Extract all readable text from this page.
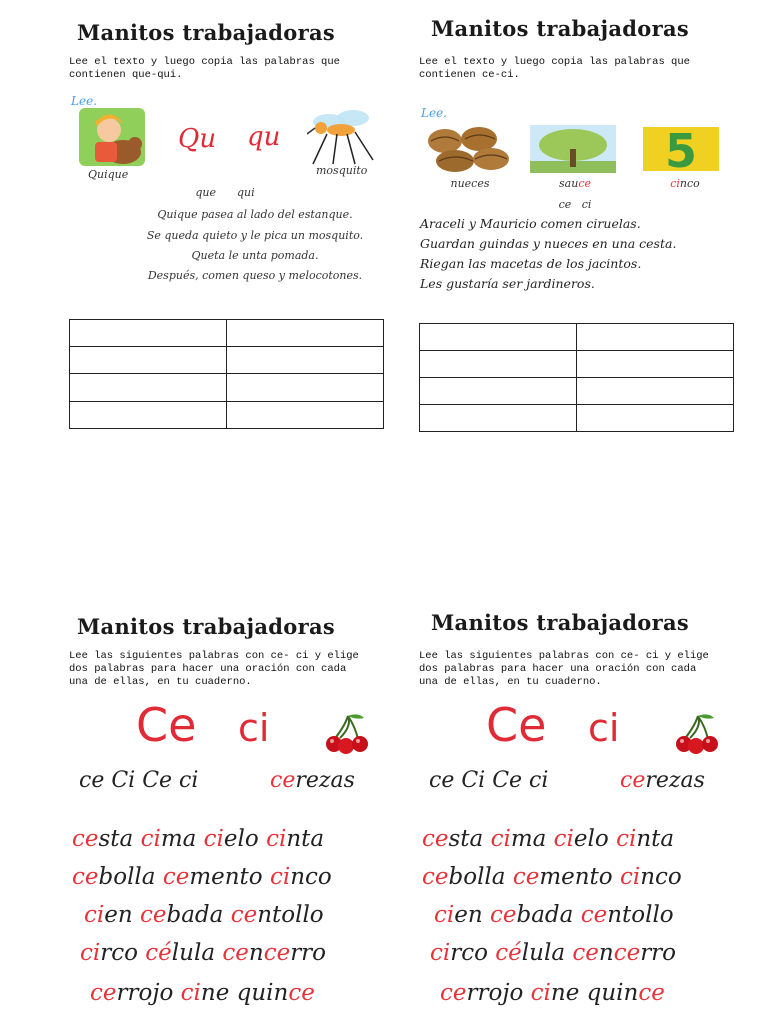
Manitos trabajadoras
Lee el texto y luego copia las palabras que contienen que-qui.
Lee.
Quique
Qu qu
mosquito
que      qui
Quique pasea al lado del estanque.
Se queda quieto y le pica un mosquito.
Queta le unta pomada.
Después, comen queso y melocotones.

Manitos trabajadoras
Lee el texto y luego copia las palabras que contienen ce-ci.
Lee.
nueces	sauce
5
cinco
ce   ci
Araceli y Mauricio comen ciruelas.
Guardan guindas y nueces en una cesta.
Riegan las macetas de los jacintos.
Les gustaría ser jardineros.

Manitos trabajadoras
Lee las siguientes palabras con ce- ci y elige dos palabras para hacer una oración con cada una de ellas, en tu cuaderno.
Ce ci
ce Ci Ce ci	cerezas
cesta cima cielo cinta
cebolla cemento cinco
cien cebada centollo
circo célula cencerro
cerrojo cine quince
Manitos trabajadoras
Lee las siguientes palabras con ce- ci y elige dos palabras para hacer una oración con cada una de ellas, en tu cuaderno.
Ce ci
ce Ci Ce ci	cerezas
cesta cima cielo cinta
cebolla cemento cinco
cien cebada centollo
circo célula cencerro
cerrojo cine quince
